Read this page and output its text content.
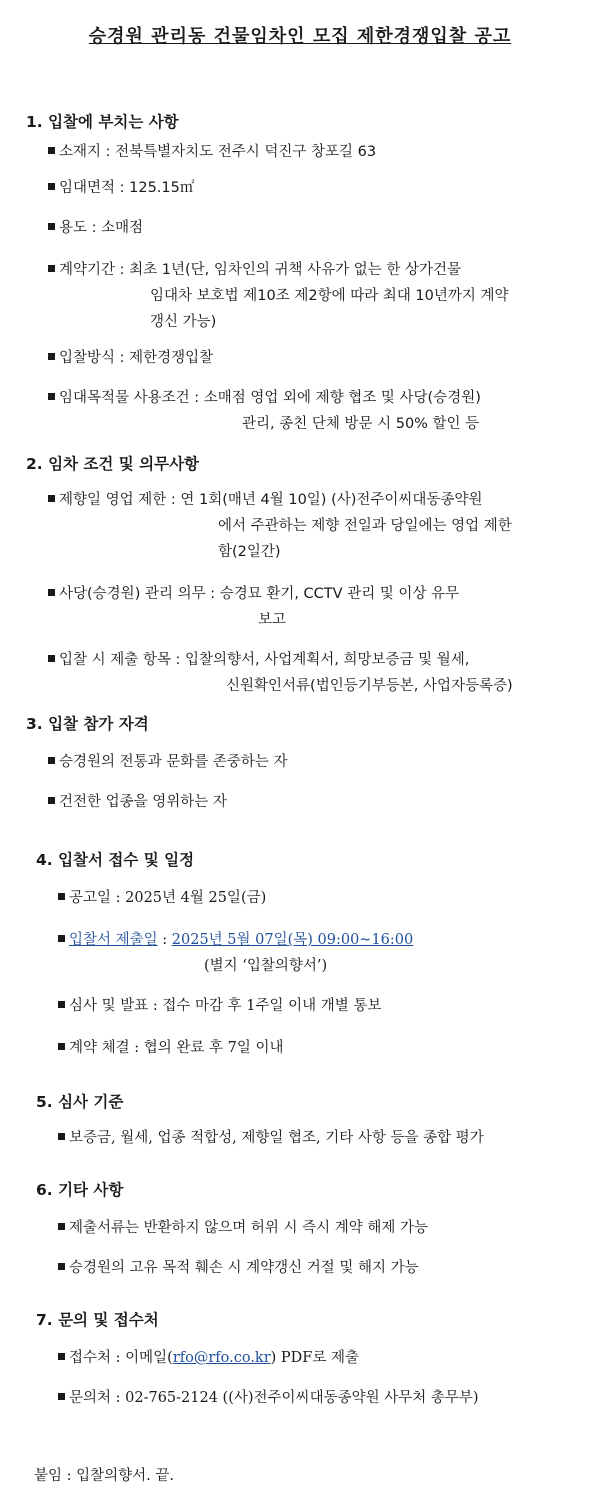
승경원 관리동 건물임차인 모집 제한경쟁입찰 공고
1. 입찰에 부치는 사항
소재지 : 전북특별자치도 전주시 덕진구 창포길 63
임대면적 : 125.15㎡
용도 : 소매점
계약기간 : 최초 1년(단, 임차인의 귀책 사유가 없는 한 상가건물
임대차 보호법 제10조 제2항에 따라 최대 10년까지 계약
갱신 가능)
입찰방식 : 제한경쟁입찰
임대목적물 사용조건 : 소매점 영업 외에 제향 협조 및 사당(승경원)
관리, 종친 단체 방문 시 50% 할인 등
2. 임차 조건 및 의무사항
제향일 영업 제한 : 연 1회(매년 4월 10일) (사)전주이씨대동종약원
에서 주관하는 제향 전일과 당일에는 영업 제한
함(2일간)
사당(승경원) 관리 의무 : 승경묘 환기, CCTV 관리 및 이상 유무
보고
입찰 시 제출 항목 : 입찰의향서, 사업계획서, 희망보증금 및 월세,
신원확인서류(법인등기부등본, 사업자등록증)
3. 입찰 참가 자격
승경원의 전통과 문화를 존중하는 자
건전한 업종을 영위하는 자
4. 입찰서 접수 및 일정
공고일 : 2025년 4월 25일(금)
입찰서 제출일 : 2025년 5월 07일(목) 09:00~16:00
(별지 ‘입찰의향서’)
심사 및 발표 : 접수 마감 후 1주일 이내 개별 통보
계약 체결 : 협의 완료 후 7일 이내
5. 심사 기준
보증금, 월세, 업종 적합성, 제향일 협조, 기타 사항 등을 종합 평가
6. 기타 사항
제출서류는 반환하지 않으며 허위 시 즉시 계약 해제 가능
승경원의 고유 목적 훼손 시 계약갱신 거절 및 해지 가능
7. 문의 및 접수처
접수처 : 이메일(rfo@rfo.co.kr) PDF로 제출
문의처 : 02-765-2124 ((사)전주이씨대동종약원 사무처 총무부)
붙임 : 입찰의향서. 끝.
